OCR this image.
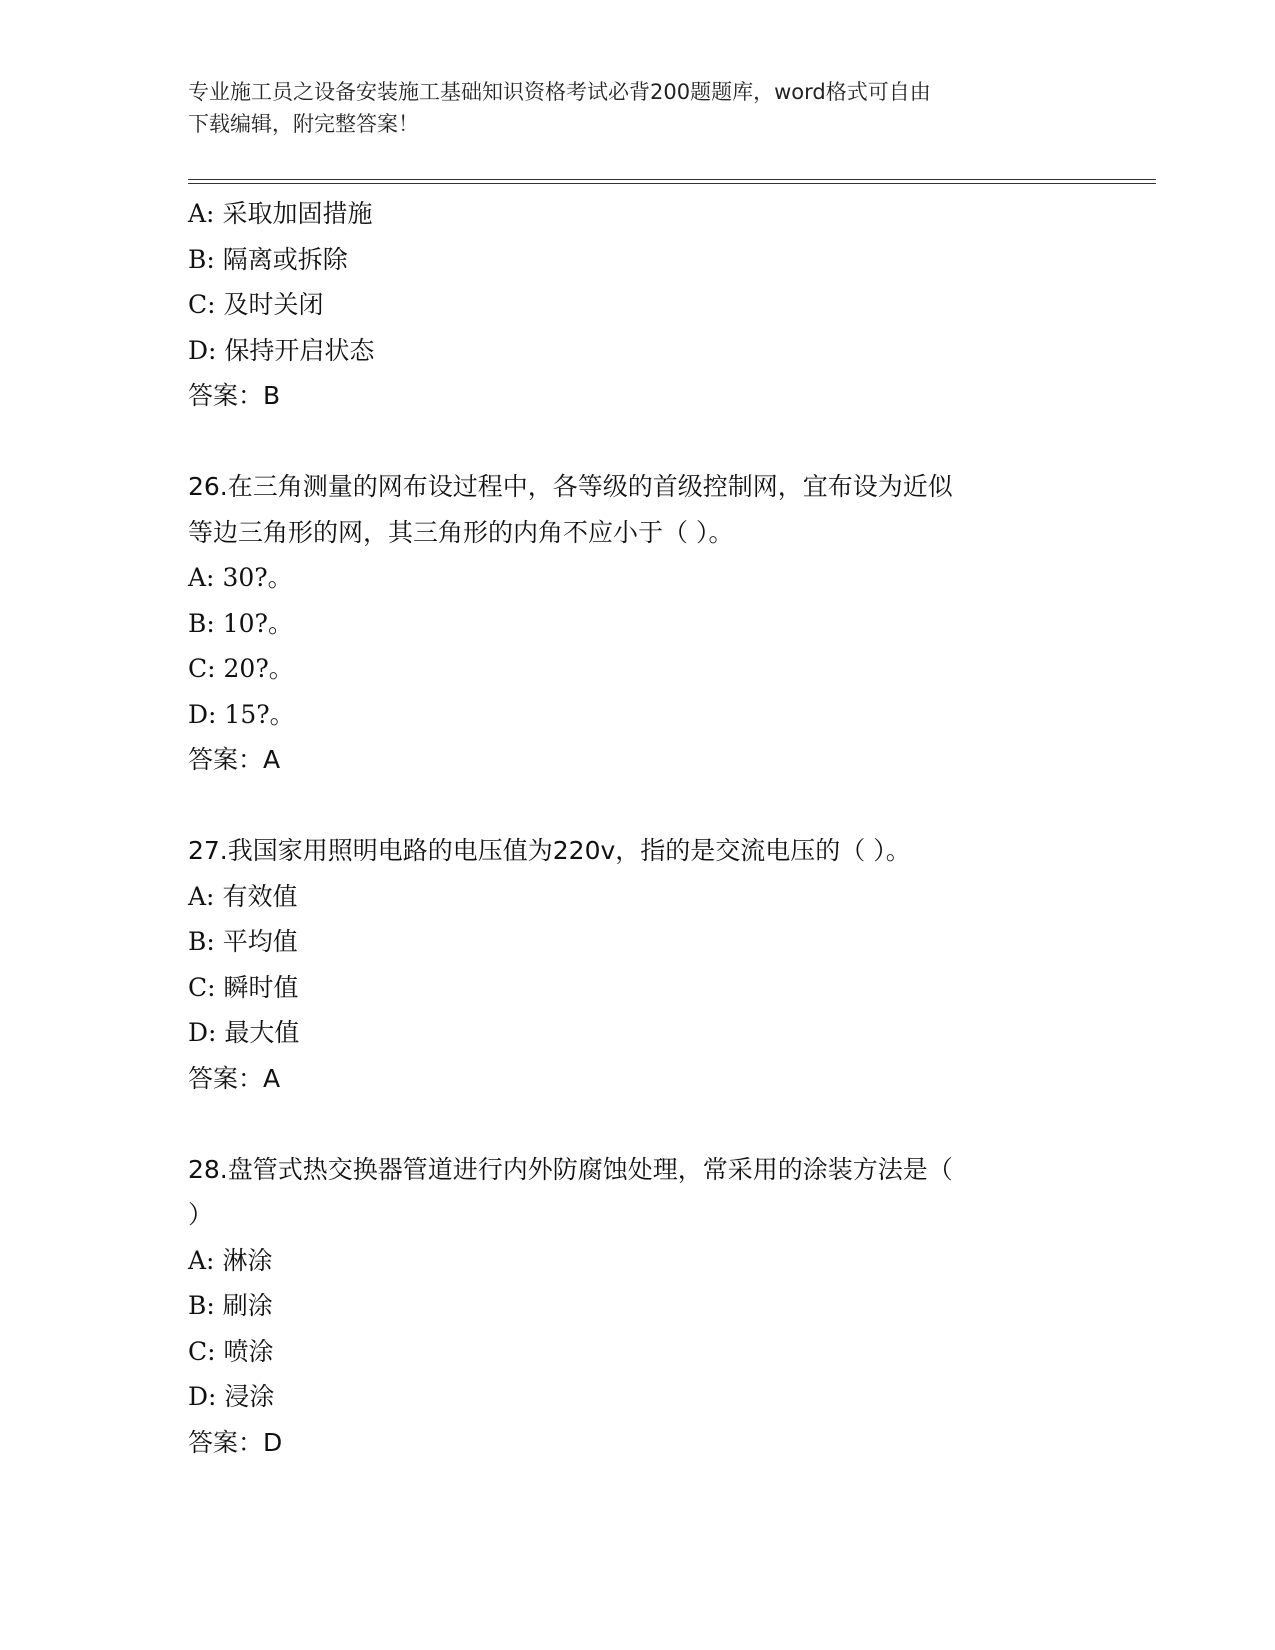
专业施工员之设备安装施工基础知识资格考试必背200题题库，word格式可自由
下载编辑，附完整答案！
A: 采取加固措施
B: 隔离或拆除
C: 及时关闭
D: 保持开启状态
答案：B
26.在三角测量的网布设过程中，各等级的首级控制网，宜布设为近似
等边三角形的网，其三角形的内角不应小于（ ）。
A: 30?。
B: 10?。
C: 20?。
D: 15?。
答案：A
27.我国家用照明电路的电压值为220v，指的是交流电压的（ ）。
A: 有效值
B: 平均值
C: 瞬时值
D: 最大值
答案：A
28.盘管式热交换器管道进行内外防腐蚀处理，常采用的涂装方法是（
）
A: 淋涂
B: 刷涂
C: 喷涂
D: 浸涂
答案：D
